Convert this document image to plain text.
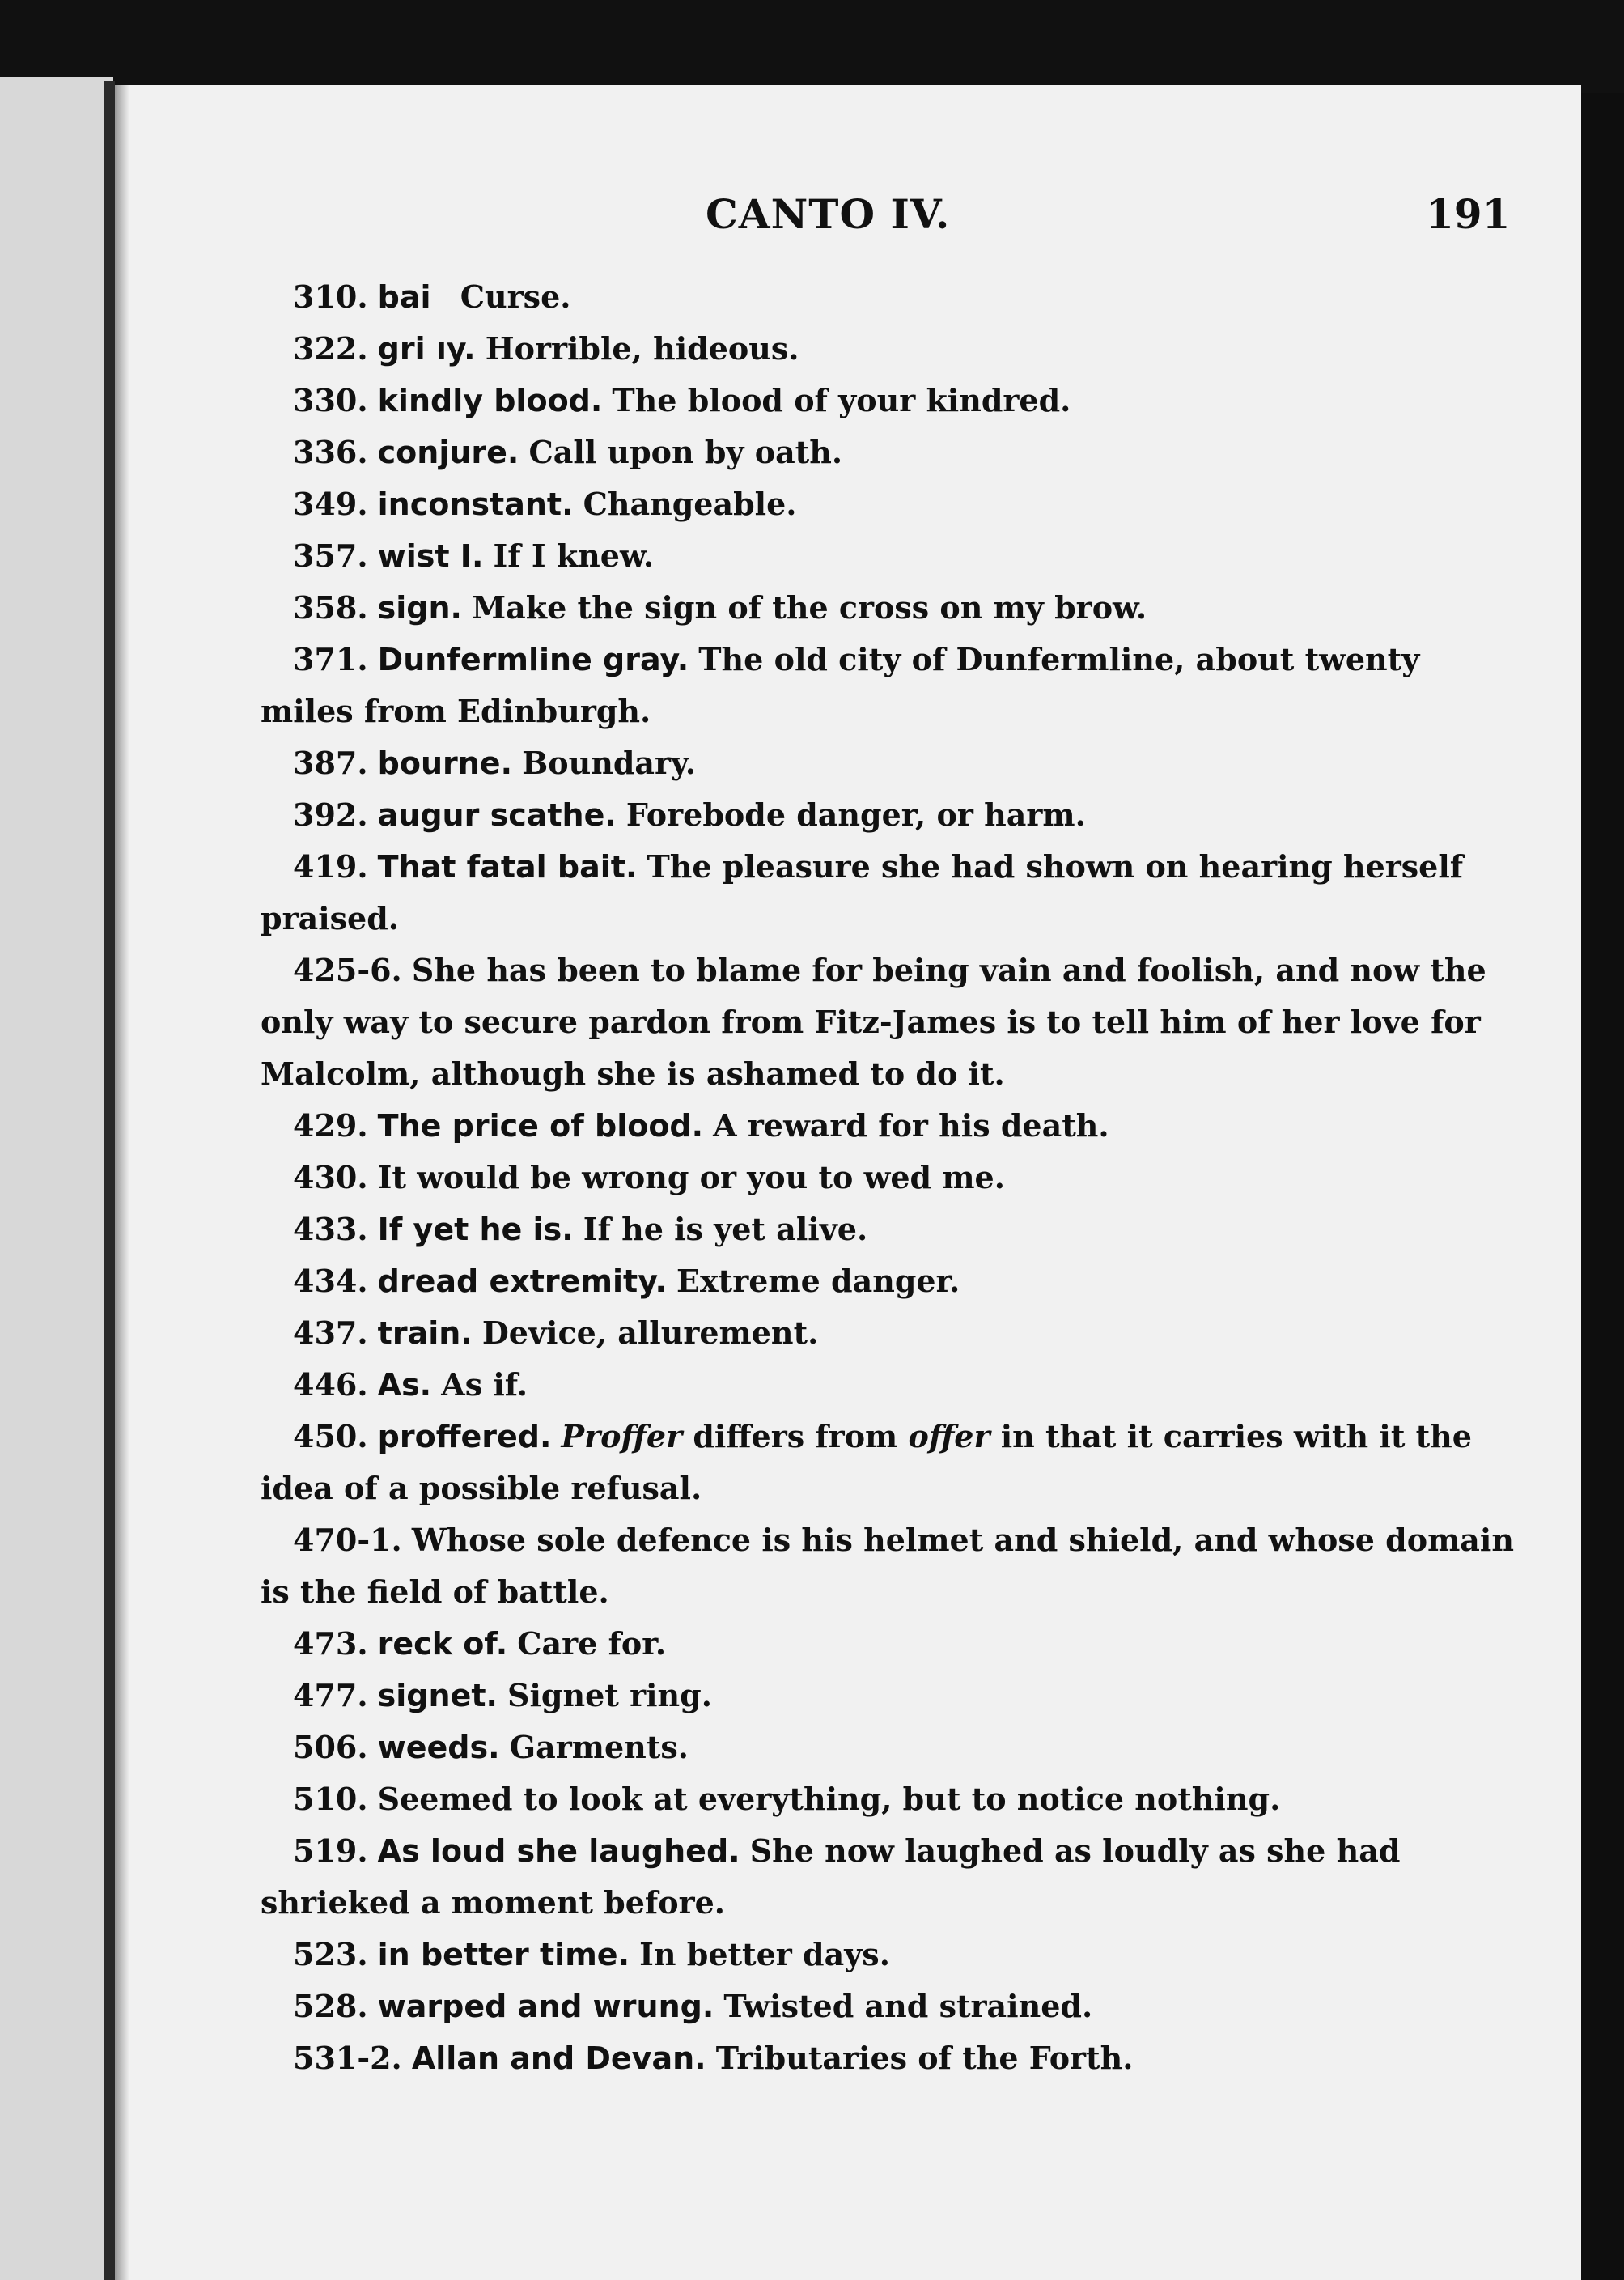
CANTO IV.	191

310. bai Curse.

322. gri ıy. Horrible, hideous.

330. kindly blood. The blood of your kindred.

336. conjure. Call upon by oath.

349. inconstant. Changeable.

357. wist I. If I knew.

358. sign. Make the sign of the cross on my brow.

371. Dunfermline gray. The old city of Dunfermline, about twenty miles from Edinburgh.

387. bourne. Boundary.

392. augur scathe. Forebode danger, or harm.

419. That fatal bait. The pleasure she had shown on hearing herself praised.

425-6. She has been to blame for being vain and foolish, and now the only way to secure pardon from Fitz-James is to tell him of her love for Malcolm, although she is ashamed to do it.

429. The price of blood. A reward for his death.

430. It would be wrong or you to wed me.

433. If yet he is. If he is yet alive.

434. dread extremity. Extreme danger.

437. train. Device, allurement.

446. As. As if.

450. proffered. Proffer differs from offer in that it carries with it the idea of a possible refusal.

470-1. Whose sole defence is his helmet and shield, and whose domain is the field of battle.

473. reck of. Care for.

477. signet. Signet ring.

506. weeds. Garments.

510. Seemed to look at everything, but to notice nothing.

519. As loud she laughed. She now laughed as loudly as she had shrieked a moment before.

523. in better time. In better days.

528. warped and wrung. Twisted and strained.

531-2. Allan and Devan. Tributaries of the Forth.
